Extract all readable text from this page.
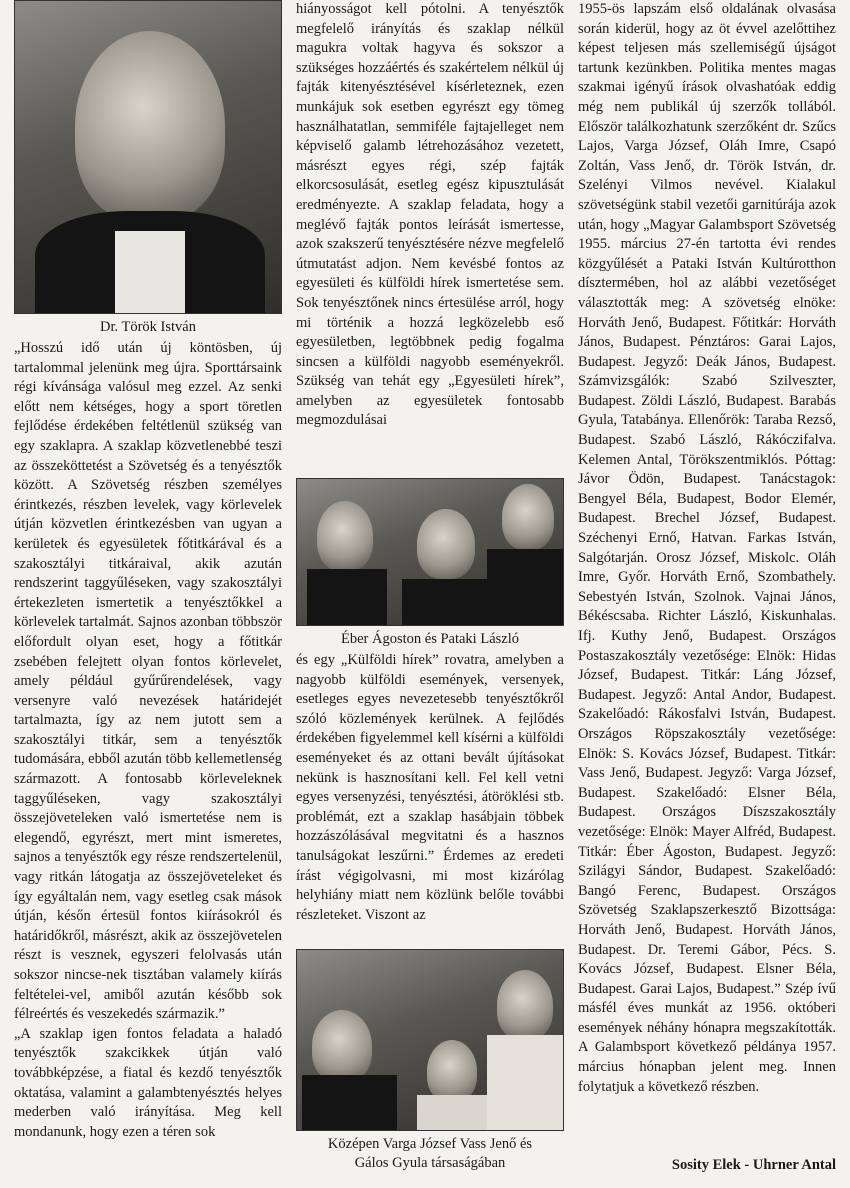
Dr. Török István

„Hosszú idő után új köntösben, új tartalommal jelenünk meg újra. Sporttársaink régi kívánsága valósul meg ezzel. Az senki előtt nem kétséges, hogy a sport töretlen fejlődése érdekében feltétlenül szükség van egy szaklapra. A szaklap közvetlenebbé teszi az összeköttetést a Szövetség és a tenyésztők között. A Szövetség részben személyes érintkezés, részben levelek, vagy körlevelek útján közvetlen érintkezésben van ugyan a kerületek és egyesületek főtitkárával és a szakosztályi titkáraival, akik azután rendszerint taggyűléseken, vagy szakosztályi értekezleten ismertetik a tenyésztőkkel a körlevelek tartalmát. Sajnos azonban többször előfordult olyan eset, hogy a főtitkár zsebében felejtett olyan fontos körlevelet, amely például gyűrűrendelések, vagy versenyre való nevezések határidejét tartalmazta, így az nem jutott sem a szakosztályi titkár, sem a tenyésztők tudomására, ebből azután több kellemetlenség származott. A fontosabb körleveleknek taggyűléseken, vagy szakosztályi összejöveteleken való ismertetése nem is elegendő, egyrészt, mert mint ismeretes, sajnos a tenyésztők egy része rendszertelenül, vagy ritkán látogatja az összejöveteleket és így egyáltalán nem, vagy esetleg csak mások útján, későn értesül fontos kiírásokról és határidőkről, másrészt, akik az összejövetelen részt is vesznek, egyszeri felolvasás után sokszor nincse-nek tisztában valamely kiírás feltételei-vel, amiből azután később sok félreértés és veszekedés származik.”

„A szaklap igen fontos feladata a haladó tenyésztők szakcikkek útján való továbbképzése, a fiatal és kezdő tenyésztők oktatása, valamint a galambtenyésztés helyes mederben való irányítása. Meg kell mondanunk, hogy ezen a téren sok

hiányosságot kell pótolni. A tenyésztők megfelelő irányítás és szaklap nélkül magukra voltak hagyva és sokszor a szükséges hozzáértés és szakértelem nélkül új fajták kitenyésztésével kísérleteznek, ezen munkájuk sok esetben egyrészt egy tömeg használhatatlan, semmiféle fajtajelleget nem képviselő galamb létrehozásához vezetett, másrészt egyes régi, szép fajták elkorcsosulását, esetleg egész kipusztulását eredményezte. A szaklap feladata, hogy a meglévő fajták pontos leírását ismertesse, azok szakszerű tenyésztésére nézve megfelelő útmutatást adjon. Nem kevésbé fontos az egyesületi és külföldi hírek ismertetése sem. Sok tenyésztőnek nincs értesülése arról, hogy mi történik a hozzá legközelebb eső egyesületben, legtöbbnek pedig fogalma sincsen a külföldi nagyobb eseményekről. Szükség van tehát egy „Egyesületi hírek”, amelyben az egyesületek fontosabb megmozdulásai

Éber Ágoston és Pataki László

és egy „Külföldi hírek” rovatra, amelyben a nagyobb külföldi események, versenyek, esetleges egyes nevezetesebb tenyésztőkről szóló közlemények kerülnek. A fejlődés érdekében figyelemmel kell kísérni a külföldi eseményeket és az ottani bevált újításokat nekünk is hasznosítani kell. Fel kell vetni egyes versenyzési, tenyésztési, átöröklési stb. problémát, ezt a szaklap hasábjain többek hozzászólásával megvitatni és a hasznos tanulságokat leszűrni.” Érdemes az eredeti írást végigolvasni, mi most kizárólag helyhiány miatt nem közlünk belőle további részleteket. Viszont az

Középen Varga József Vass Jenő és Gálos Gyula társaságában

1955-ös lapszám első oldalának olvasása során kiderül, hogy az öt évvel azelőttihez képest teljesen más szellemiségű újságot tartunk kezünkben. Politika mentes magas szakmai igényű írások olvashatóak eddig még nem publikál új szerzők tollából. Először találkozhatunk szerzőként dr. Szűcs Lajos, Varga József, Oláh Imre, Csapó Zoltán, Vass Jenő, dr. Török István, dr. Szelényi Vilmos nevével. Kialakul szövetségünk stabil vezetői garnitúrája azok után, hogy „Magyar Galambsport Szövetség 1955. március 27-én tartotta évi rendes közgyűlését a Pataki István Kultúrotthon dísztermében, hol az alábbi vezetőséget választották meg: A szövetség elnöke: Horváth Jenő, Budapest. Főtitkár: Horváth János, Budapest. Pénztáros: Garai Lajos, Budapest. Jegyző: Deák János, Budapest. Számvizsgálók: Szabó Szilveszter, Budapest. Zöldi László, Budapest. Barabás Gyula, Tatabánya. Ellenőrök: Taraba Rezső, Budapest. Szabó László, Rákóczifalva. Kelemen Antal, Törökszentmiklós. Póttag: Jávor Ödön, Budapest. Tanácstagok: Bengyel Béla, Budapest, Bodor Elemér, Budapest. Brechel József, Budapest. Széchenyi Ernő, Hatvan. Farkas István, Salgótarján. Orosz József, Miskolc. Oláh Imre, Győr. Horváth Ernő, Szombathely. Sebestyén István, Szolnok. Vajnai János, Békéscsaba. Richter László, Kiskunhalas. Ifj. Kuthy Jenő, Budapest. Országos Postaszakosztály vezetősége: Elnök: Hidas József, Budapest. Titkár: Láng József, Budapest. Jegyző: Antal Andor, Budapest. Szakelőadó: Rákosfalvi István, Budapest. Országos Röpszakosztály vezetősége: Elnök: S. Kovács József, Budapest. Titkár: Vass Jenő, Budapest. Jegyző: Varga József, Budapest. Szakelőadó: Elsner Béla, Budapest. Országos Díszszakosztály vezetősége: Elnök: Mayer Alfréd, Budapest. Titkár: Éber Ágoston, Budapest. Jegyző: Szilágyi Sándor, Budapest. Szakelőadó: Bangó Ferenc, Budapest. Országos Szövetség Szaklapszerkesztő Bizottsága: Horváth Jenő, Budapest. Horváth János, Budapest. Dr. Teremi Gábor, Pécs. S. Kovács József, Budapest. Elsner Béla, Budapest. Garai Lajos, Budapest.” Szép ívű másfél éves munkát az 1956. októberi események néhány hónapra megszakították. A Galambsport következő példánya 1957. március hónapban jelent meg. Innen folytatjuk a következő részben.

Sosity Elek - Uhrner Antal
